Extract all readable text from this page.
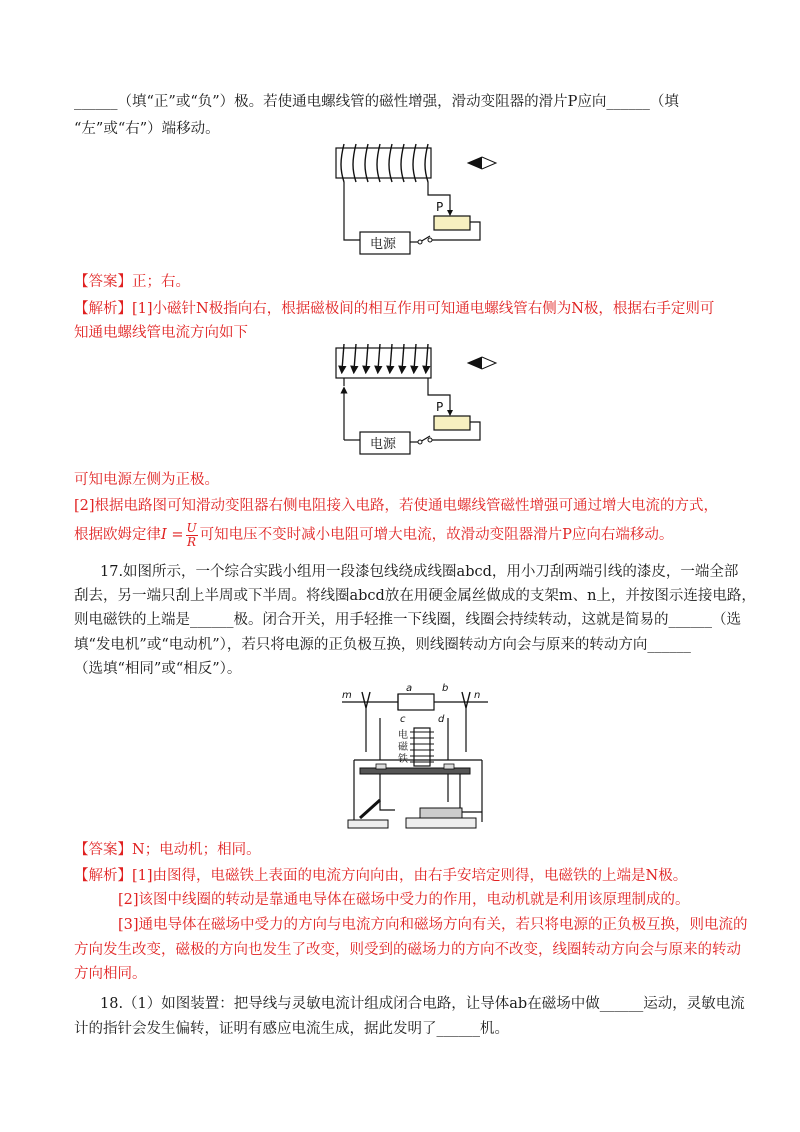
______（填“正”或“负”）极。若使通电螺线管的磁性增强，滑动变阻器的滑片P应向______（填
“左”或“右”）端移动。
P
电源
【答案】正；右。
【解析】[1]小磁针N极指向右，根据磁极间的相互作用可知通电螺线管右侧为N极，根据右手定则可
知通电螺线管电流方向如下
P
电源
可知电源左侧为正极。
[2]根据电路图可知滑动变阻器右侧电阻接入电路，若使通电螺线管磁性增强可通过增大电流的方式，
根据欧姆定律$I = \frac{U}{R}$ 可知电压不变时减小电阻可增大电流，故滑动变阻器滑片P应向右端移动。
17.如图所示，一个综合实践小组用一段漆包线绕成线圈abcd，用小刀刮两端引线的漆皮，一端全部
刮去，另一端只刮上半周或下半周。将线圈abcd放在用硬金属丝做成的支架m、n上，并按图示连接电路，
则电磁铁的上端是______极。闭合开关，用手轻推一下线圈，线圈会持续转动，这就是简易的______（选
填“发电机”或“电动机”），若只将电源的正负极互换，则线圈转动方向会与原来的转动方向______
（选填“相同”或“相反”）。
m
a	b
n
c	d
电
磁
铁
【答案】N；电动机；相同。
【解析】[1]由图得，电磁铁上表面的电流方向向由，由右手安培定则得，电磁铁的上端是N极。
[2]该图中线圈的转动是靠通电导体在磁场中受力的作用，电动机就是利用该原理制成的。
[3]通电导体在磁场中受力的方向与电流方向和磁场方向有关，若只将电源的正负极互换，则电流的
方向发生改变，磁极的方向也发生了改变，则受到的磁场力的方向不改变，线圈转动方向会与原来的转动
方向相同。
18.（1）如图装置：把导线与灵敏电流计组成闭合电路，让导体ab在磁场中做______运动，灵敏电流
计的指针会发生偏转，证明有感应电流生成，据此发明了______机。
